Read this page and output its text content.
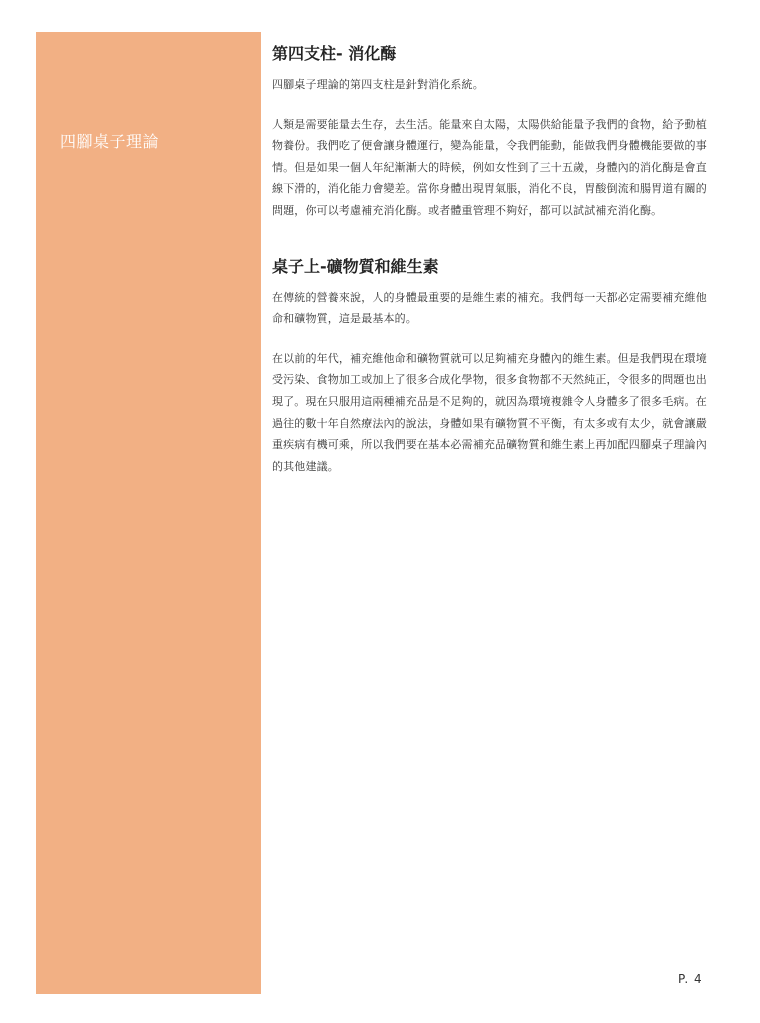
四腳桌子理論
第四支柱- 消化酶

四腳桌子理論的第四支柱是針對消化系統。

人類是需要能量去生存，去生活。能量來自太陽，太陽供給能量予我們的食物，給予動植物養份。我們吃了便會讓身體運行，變為能量，令我們能動，能做我們身體機能要做的事情。但是如果一個人年紀漸漸大的時候，例如女性到了三十五歲，身體內的消化酶是會直線下滑的，消化能力會變差。當你身體出現胃氣脹，消化不良，胃酸倒流和腸胃道有關的問題，你可以考慮補充消化酶。或者體重管理不夠好，都可以試試補充消化酶。

桌子上-礦物質和維生素

在傳統的營養來說，人的身體最重要的是維生素的補充。我們每一天都必定需要補充維他命和礦物質，這是最基本的。

在以前的年代，補充維他命和礦物質就可以足夠補充身體內的維生素。但是我們現在環境受污染、食物加工或加上了很多合成化學物，很多食物都不天然純正，令很多的問題也出現了。現在只服用這兩種補充品是不足夠的，就因為環境複雜令人身體多了很多毛病。在過往的數十年自然療法內的說法，身體如果有礦物質不平衡，有太多或有太少，就會讓嚴重疾病有機可乘，所以我們要在基本必需補充品礦物質和維生素上再加配四腳桌子理論內的其他建議。

P. 4
